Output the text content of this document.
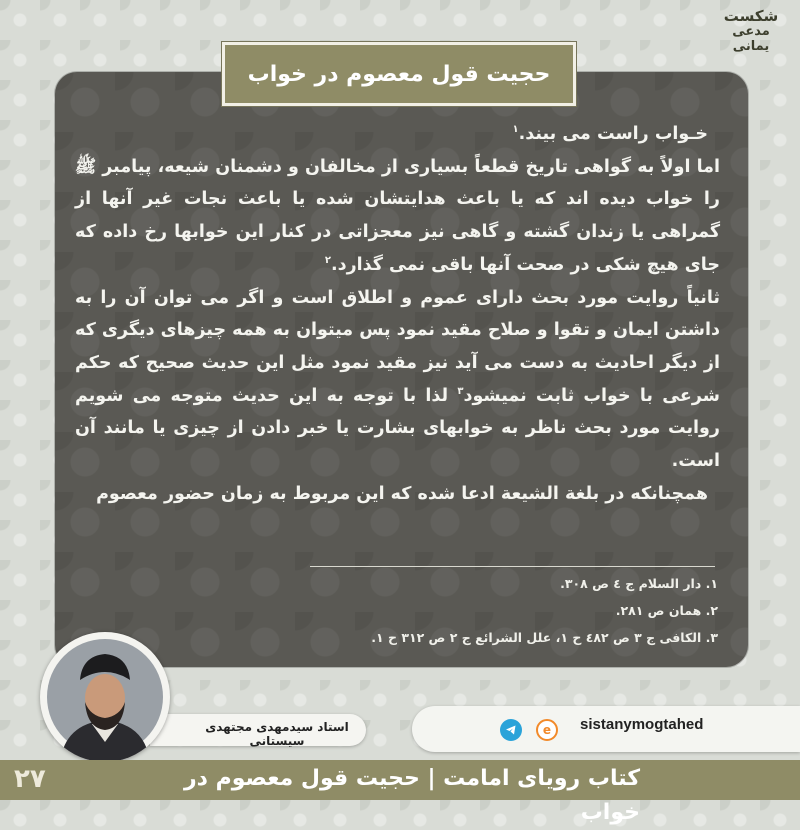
شکست
مدعی
یمانی
حجیت قول معصوم در خواب

خـواب راست می بیند.$^۱$

اما اولاً به گواهی تاریخ قطعاً بسیاری از مخالفان و دشمنان شیعه، پیامبر ﷺ را خواب دیده اند که یا باعث هدایتشان شده یا باعث نجات غیر آنها از گمراهی یا زندان گشته و گاهی نیز معجزاتی در کنار این خوابها رخ داده که جای هیچ شکی در صحت آنها باقی نمی گذارد.$^۲$

ثانیاً روایت مورد بحث دارای عموم و اطلاق است و اگر می توان آن را به داشتن ایمان و تقوا و صلاح مقید نمود پس میتوان به همه چیزهای دیگری که از دیگر احادیث به دست می آید نیز مقید نمود مثل این حدیث صحیح که حکم شرعی با خواب ثابت نمیشود$^۳$ لذا با توجه به این حدیث متوجه می شویم روایت مورد بحث ناظر به خوابهای بشارت یا خبر دادن از چیزی یا مانند آن است.

همچنانکه در بلغة الشیعة ادعا شده که این مربوط به زمان حضور معصوم

۱. دار السلام ج ٤ ص ۳۰۸.
۲. همان ص ۲۸۱.
۳. الکافی ج ۳ ص ٤۸۲ ح ۱، علل الشرائع ج ۲ ص ۳۱۲ ح ۱.
e	sistanymogtahed
استاد سیدمهدی مجتهدی سیستانی
کتاب رویای امامت | حجیت قول معصوم در خواب
۲۷
